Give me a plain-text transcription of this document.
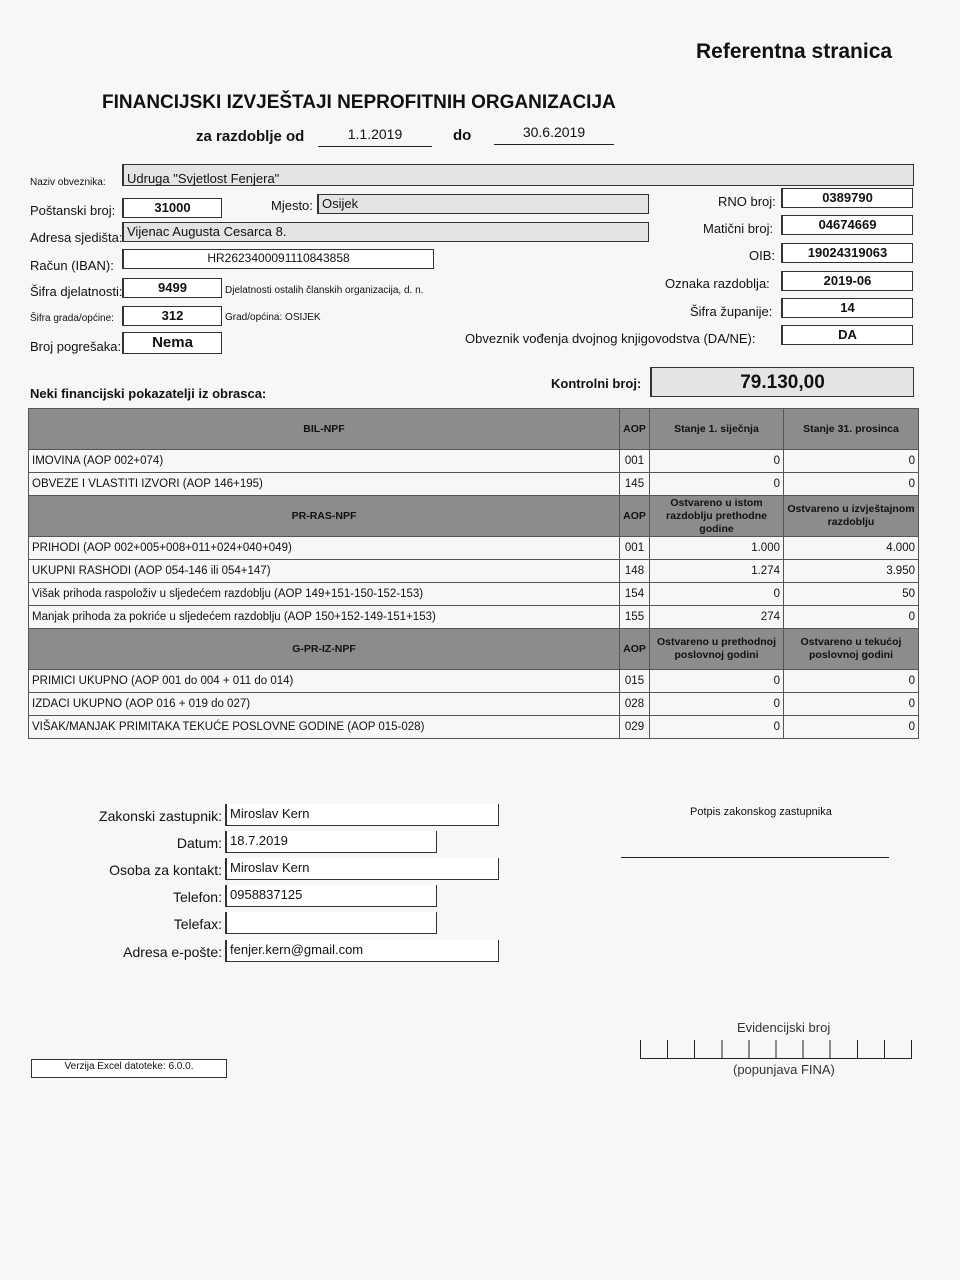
Referentna stranica
FINANCIJSKI IZVJEŠTAJI NEPROFITNIH ORGANIZACIJA
za razdoblje od	1.1.2019	do	30.6.2019
Naziv obveznika:	Udruga "Svjetlost Fenjera"
Poštanski broj:	31000	Mjesto: Osijek
Adresa sjedišta: Vijenac Augusta Cesarca 8.
Račun (IBAN):	HR2623400091110843858
Šifra djelatnosti:	9499	Djelatnosti ostalih članskih organizacija, d. n.
Šifra grada/općine:	312	Grad/općina: OSIJEK
Broj pogrešaka:	Nema
RNO broj:	0389790
Matični broj:	04674669
OIB:	19024319063
Oznaka razdoblja:	2019-06
Šifra županije:	14
Obveznik vođenja dvojnog knjigovodstva (DA/NE):	DA
Neki financijski pokazatelji iz obrasca:
Kontrolni broj:	79.130,00
BIL-NPF	AOP	Stanje 1. siječnja	Stanje 31. prosinca
IMOVINA (AOP 002+074)	001	0	0
OBVEZE I VLASTITI IZVORI (AOP 146+195)	145	0	0
PR-RAS-NPF	AOP	Ostvareno u istom razdoblju prethodne godine	Ostvareno u izvještajnom razdoblju
PRIHODI (AOP 002+005+008+011+024+040+049)	001	1.000	4.000
UKUPNI RASHODI (AOP 054-146 ili 054+147)	148	1.274	3.950
Višak prihoda raspoloživ u sljedećem razdoblju (AOP 149+151-150-152-153)	154	0	50
Manjak prihoda za pokriće u sljedećem razdoblju (AOP 150+152-149-151+153)	155	274	0
G-PR-IZ-NPF	AOP	Ostvareno u prethodnoj poslovnoj godini	Ostvareno u tekućoj poslovnoj godini
PRIMICI UKUPNO (AOP 001 do 004 + 011 do 014)	015	0	0
IZDACI UKUPNO (AOP 016 + 019 do 027)	028	0	0
VIŠAK/MANJAK PRIMITAKA TEKUĆE POSLOVNE GODINE (AOP 015-028)	029	0	0
Zakonski zastupnik: Miroslav Kern
Datum: 18.7.2019
Osoba za kontakt: Miroslav Kern
Telefon: 0958837125
Telefax:
Adresa e-pošte: fenjer.kern@gmail.com
Potpis zakonskog zastupnika
Verzija Excel datoteke: 6.0.0.
Evidencijski broj
(popunjava FINA)
